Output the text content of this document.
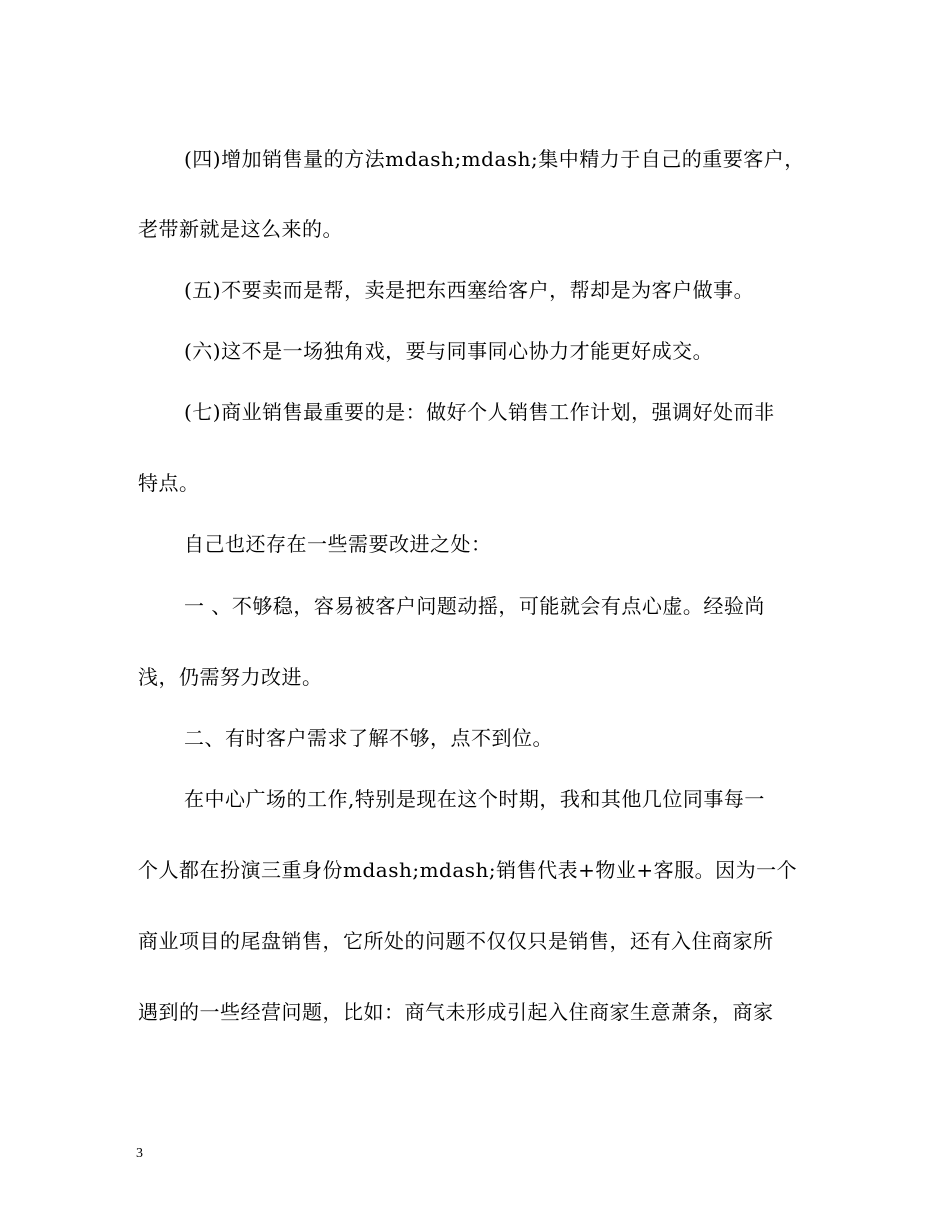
(四)增加销售量的方法mdash;mdash;集中精力于自己的重要客户，
老带新就是这么来的。
(五)不要卖而是帮，卖是把东西塞给客户，帮却是为客户做事。
(六)这不是一场独角戏，要与同事同心协力才能更好成交。
(七)商业销售最重要的是：做好个人销售工作计划，强调好处而非
特点。
自己也还存在一些需要改进之处：
一 、不够稳，容易被客户问题动摇，可能就会有点心虚。经验尚
浅，仍需努力改进。
二、有时客户需求了解不够，点不到位。
在中心广场的工作,特别是现在这个时期，我和其他几位同事每一
个人都在扮演三重身份mdash;mdash;销售代表+物业+客服。因为一个
商业项目的尾盘销售，它所处的问题不仅仅只是销售，还有入住商家所
遇到的一些经营问题，比如：商气未形成引起入住商家生意萧条，商家
3
